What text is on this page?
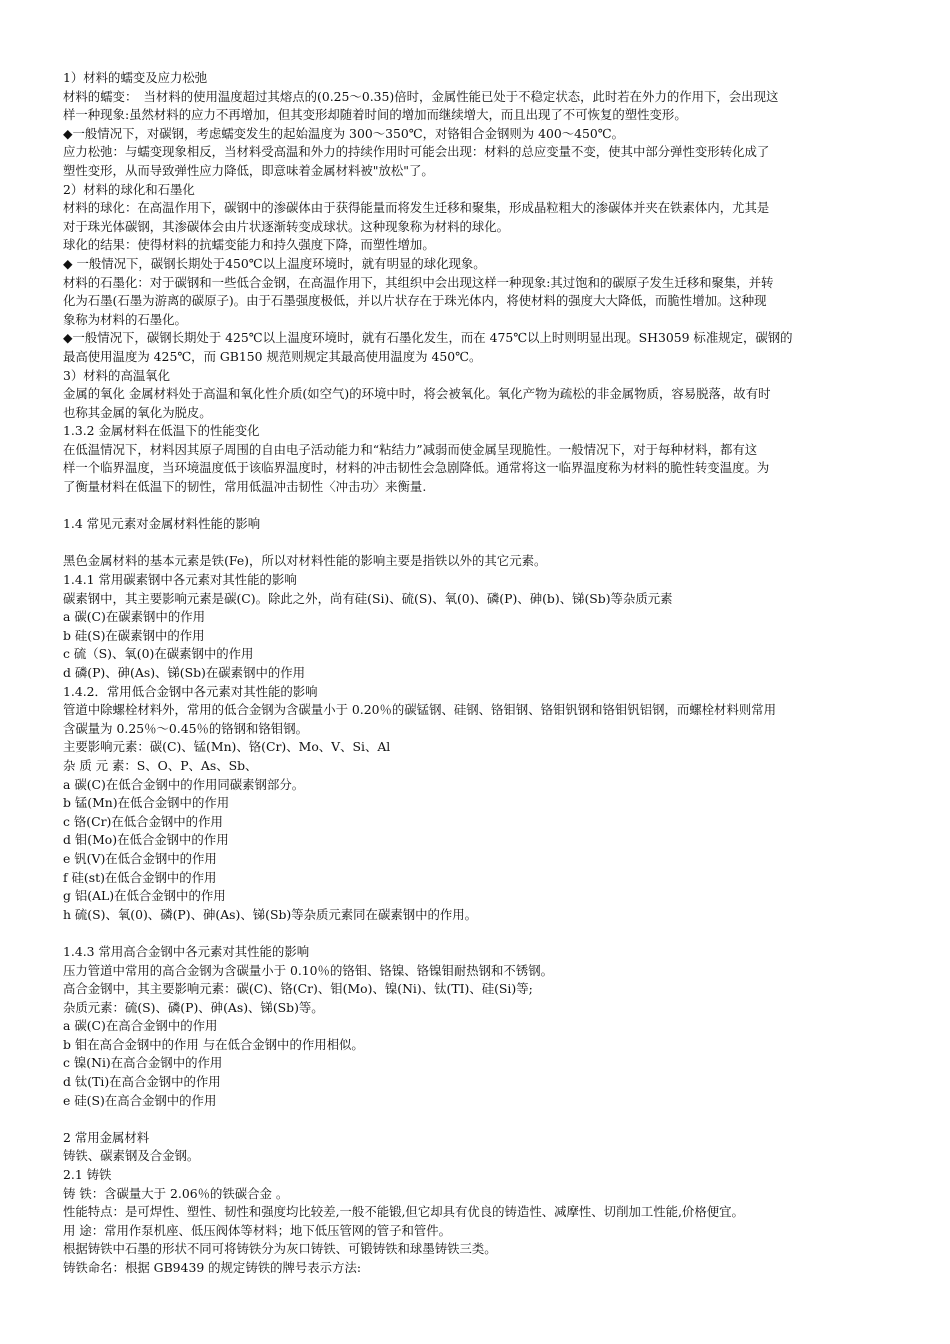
1）材料的蠕变及应力松弛
材料的蠕变：　当材料的使用温度超过其熔点的(0.25～0.35)倍时，金属性能已处于不稳定状态，此时若在外力的作用下，会出现这
样一种现象:虽然材料的应力不再增加，但其变形却随着时间的增加而继续增大，而且出现了不可恢复的塑性变形。
◆一般情况下，对碳钢，考虑蠕变发生的起始温度为 300～350℃，对铬钼合金钢则为 400～450℃。
应力松弛：与蠕变现象相反，当材料受高温和外力的持续作用时可能会出现：材料的总应变量不变，使其中部分弹性变形转化成了
塑性变形，从而导致弹性应力降低，即意味着金属材料被"放松"了。
2）材料的球化和石墨化
材料的球化：在高温作用下，碳钢中的渗碳体由于获得能量而将发生迁移和聚集，形成晶粒粗大的渗碳体并夹在铁素体内，尤其是
对于珠光体碳钢，其渗碳体会由片状逐渐转变成球状。这种现象称为材料的球化。
球化的结果：使得材料的抗蠕变能力和持久强度下降，而塑性增加。
◆ 一般情况下，碳钢长期处于450℃以上温度环境时，就有明显的球化现象。
材料的石墨化：对于碳钢和一些低合金钢，在高温作用下，其组织中会出现这样一种现象:其过饱和的碳原子发生迁移和聚集，并转
化为石墨(石墨为游离的碳原子)。由于石墨强度极低，并以片状存在于珠光体内，将使材料的强度大大降低，而脆性增加。这种现
象称为材料的石墨化。
◆一般情况下，碳钢长期处于 425℃以上温度环境时，就有石墨化发生，而在 475℃以上时则明显出现。SH3059 标准规定，碳钢的
最高使用温度为 425℃，而 GB150 规范则规定其最高使用温度为 450℃。
3）材料的高温氧化
金属的氧化 金属材料处于高温和氧化性介质(如空气)的环境中时，将会被氧化。氧化产物为疏松的非金属物质，容易脱落，故有时
也称其金属的氧化为脱皮。
1.3.2 金属材料在低温下的性能变化
在低温情况下，材料因其原子周围的自由电子活动能力和“粘结力”减弱而使金属呈现脆性。一般情况下，对于每种材料，都有这
样一个临界温度，当环境温度低于该临界温度时，材料的冲击韧性会急剧降低。通常将这一临界温度称为材料的脆性转变温度。为
了衡量材料在低温下的韧性，常用低温冲击韧性〈冲击功〉来衡量.
1.4 常见元素对金属材料性能的影响
黑色金属材料的基本元素是铁(Fe)，所以对材料性能的影响主要是指铁以外的其它元素。
1.4.1 常用碳素钢中各元素对其性能的影响
碳素钢中，其主要影响元素是碳(C)。除此之外，尚有硅(Si)、硫(S)、氧(0)、磷(P)、砷(b)、锑(Sb)等杂质元素
a 碳(C)在碳素钢中的作用
b 硅(S)在碳素钢中的作用
c 硫（S)、氧(0)在碳素钢中的作用
d 磷(P)、砷(As)、锑(Sb)在碳素钢中的作用
1.4.2．常用低合金钢中各元素对其性能的影响
管道中除螺栓材料外，常用的低合金钢为含碳量小于 0.20％的碳锰钢、硅钢、铬钼钢、铬钼钒钢和铬钼钒铝钢，而螺栓材料则常用
含碳量为 0.25％～0.45％的铬钢和铬钼钢。
主要影响元素：碳(C)、锰(Mn)、铬(Cr)、Mo、V、Si、Al
杂 质 元 素：S、O、P、As、Sb、
a 碳(C)在低合金钢中的作用同碳素钢部分。
b 锰(Mn)在低合金钢中的作用
c 铬(Cr)在低合金钢中的作用
d 钼(Mo)在低合金钢中的作用
e 钒(V)在低合金钢中的作用
f 硅(st)在低合金钢中的作用
g 铝(AL)在低合金钢中的作用
h 硫(S)、氧(0)、磷(P)、砷(As)、锑(Sb)等杂质元素同在碳素钢中的作用。
1.4.3 常用高合金钢中各元素对其性能的影响
压力管道中常用的高合金钢为含碳量小于 0.10％的铬钼、铬镍、铬镍钼耐热钢和不锈钢。
高合金钢中，其主要影响元素：碳(C)、铬(Cr)、钼(Mo)、镍(Ni)、钛(TI)、硅(Si)等;
杂质元素：硫(S)、磷(P)、砷(As)、锑(Sb)等。
a 碳(C)在高合金钢中的作用
b 钼在高合金钢中的作用 与在低合金钢中的作用相似。
c 镍(Ni)在高合金钢中的作用
d 钛(Ti)在高合金钢中的作用
e 硅(S)在高合金钢中的作用
2 常用金属材料
铸铁、碳素钢及合金钢。
2.1 铸铁
铸 铁：含碳量大于 2.06％的铁碳合金 。
性能特点：是可焊性、塑性、韧性和强度均比较差,一般不能锻,但它却具有优良的铸造性、减摩性、切削加工性能,价格便宜。
用 途：常用作泵机座、低压阀体等材料；地下低压管网的管子和管件。
根据铸铁中石墨的形状不同可将铸铁分为灰口铸铁、可锻铸铁和球墨铸铁三类。
铸铁命名：根据 GB9439 的规定铸铁的牌号表示方法:
